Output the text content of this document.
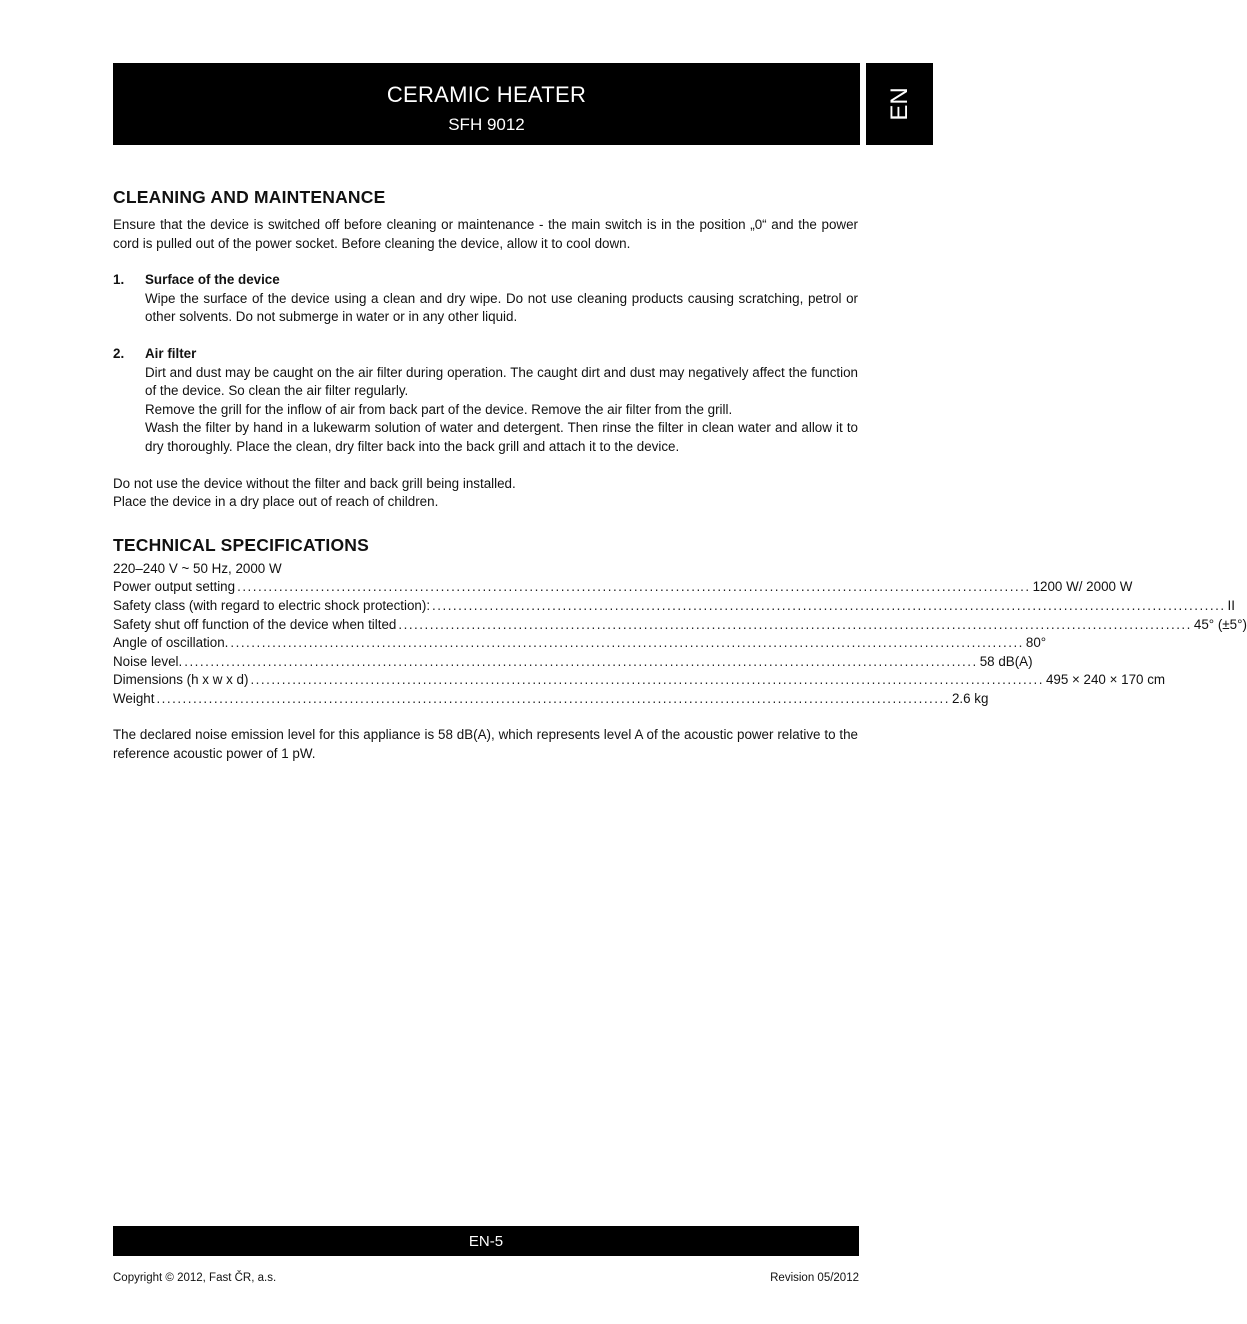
CERAMIC HEATER
SFH 9012
EN
CLEANING AND MAINTENANCE

Ensure that the device is switched off before cleaning or maintenance - the main switch is in the position „0“ and the power cord is pulled out of the power socket. Before cleaning the device, allow it to cool down.

1. Surface of the device

Wipe the surface of the device using a clean and dry wipe. Do not use cleaning products causing scratching, petrol or other solvents. Do not submerge in water or in any other liquid.

2. Air filter

Dirt and dust may be caught on the air filter during operation. The caught dirt and dust may negatively affect the function of the device. So clean the air filter regularly.

Remove the grill for the inflow of air from back part of the device. Remove the air filter from the grill.

Wash the filter by hand in a lukewarm solution of water and detergent. Then rinse the filter in clean water and allow it to dry thoroughly. Place the clean, dry filter back into the back grill and attach it to the device.

Do not use the device without the filter and back grill being installed.

Place the device in a dry place out of reach of children.

TECHNICAL SPECIFICATIONS

220–240 V ~ 50 Hz, 2000 W

Power output setting ........................................................................................................................................................ 1200 W/ 2000 W
Safety class (with regard to electric shock protection): ........................................................................................................................................................ II
Safety shut off function of the device when tilted ........................................................................................................................................................ 45° (±5°)
Angle of oscillation. ........................................................................................................................................................ 80°
Noise level. ........................................................................................................................................................ 58 dB(A)
Dimensions (h x w x d) ........................................................................................................................................................ 495 × 240 × 170 cm
Weight ........................................................................................................................................................ 2.6 kg

The declared noise emission level for this appliance is 58 dB(A), which represents level A of the acoustic power relative to the reference acoustic power of 1 pW.

EN-5
Copyright © 2012, Fast ČR, a.s.	Revision 05/2012
